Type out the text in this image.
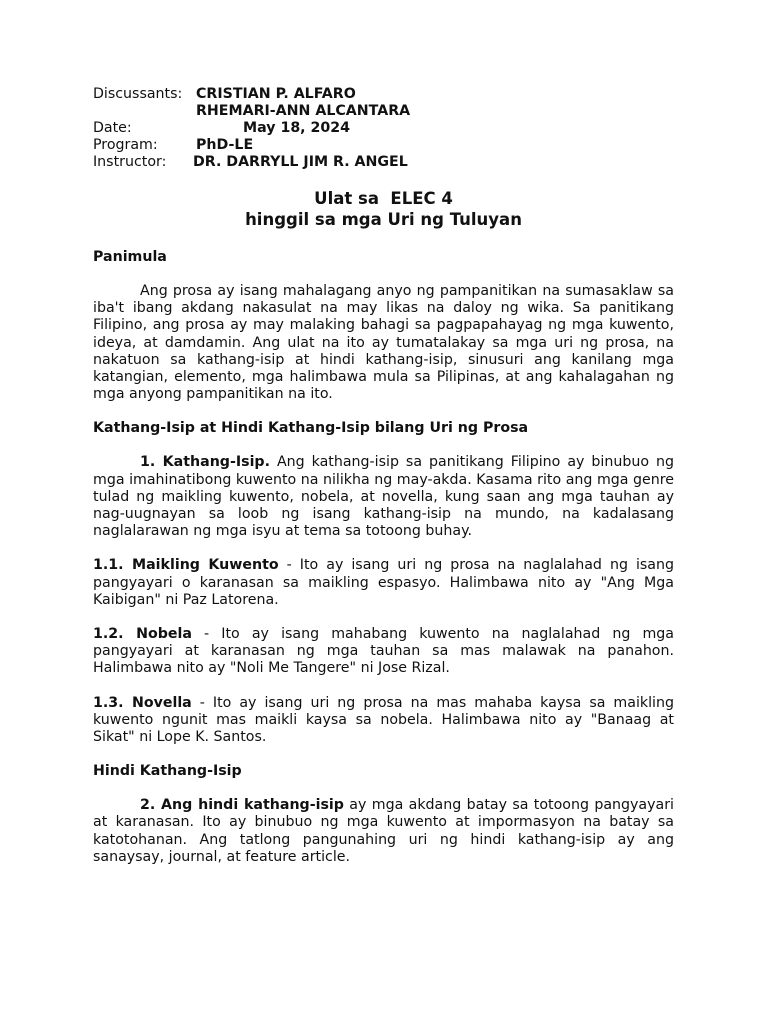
Discussants: CRISTIAN P. ALFARO
RHEMARI-ANN ALCANTARA
Date:	May 18, 2024
Program:	PhD-LE
Instructor:	DR. DARRYLL JIM R. ANGEL
Ulat sa  ELEC 4
hinggil sa mga Uri ng Tuluyan
Panimula

Ang prosa ay isang mahalagang anyo ng pampanitikan na sumasaklaw sa iba't ibang akdang nakasulat na may likas na daloy ng wika. Sa panitikang Filipino, ang prosa ay may malaking bahagi sa pagpapahayag ng mga kuwento, ideya, at damdamin. Ang ulat na ito ay tumatalakay sa mga uri ng prosa, na nakatuon sa kathang-isip at hindi kathang-isip, sinusuri ang kanilang mga katangian, elemento, mga halimbawa mula sa Pilipinas, at ang kahalagahan ng mga anyong pampanitikan na ito.

Kathang-Isip at Hindi Kathang-Isip bilang Uri ng Prosa

1. Kathang-Isip. Ang kathang-isip sa panitikang Filipino ay binubuo ng mga imahinatibong kuwento na nilikha ng may-akda. Kasama rito ang mga genre tulad ng maikling kuwento, nobela, at novella, kung saan ang mga tauhan ay nag-uugnayan sa loob ng isang kathang-isip na mundo, na kadalasang naglalarawan ng mga isyu at tema sa totoong buhay.

1.1. Maikling Kuwento - Ito ay isang uri ng prosa na naglalahad ng isang pangyayari o karanasan sa maikling espasyo. Halimbawa nito ay "Ang Mga Kaibigan" ni Paz Latorena.

1.2. Nobela - Ito ay isang mahabang kuwento na naglalahad ng mga pangyayari at karanasan ng mga tauhan sa mas malawak na panahon. Halimbawa nito ay "Noli Me Tangere" ni Jose Rizal.

1.3. Novella - Ito ay isang uri ng prosa na mas mahaba kaysa sa maikling kuwento ngunit mas maikli kaysa sa nobela. Halimbawa nito ay "Banaag at Sikat" ni Lope K. Santos.

Hindi Kathang-Isip

2. Ang hindi kathang-isip ay mga akdang batay sa totoong pangyayari at karanasan. Ito ay binubuo ng mga kuwento at impormasyon na batay sa katotohanan. Ang tatlong pangunahing uri ng hindi kathang-isip ay ang sanaysay, journal, at feature article.
